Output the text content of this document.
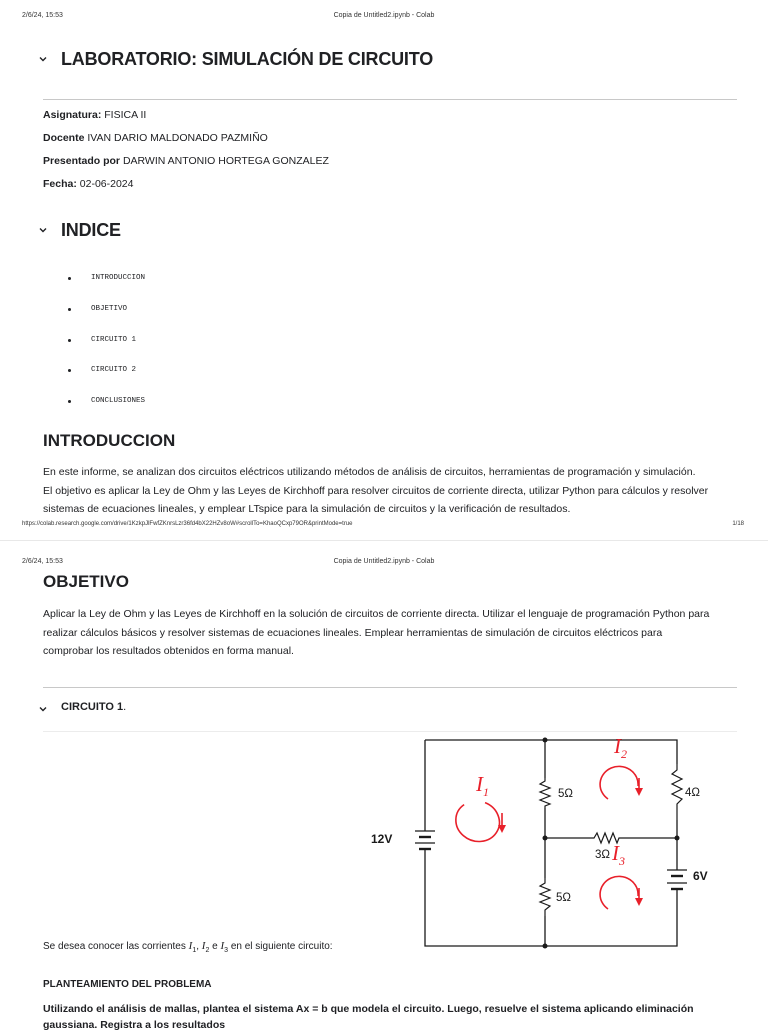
2/6/24, 15:53	Copia de Untitled2.ipynb - Colab
LABORATORIO: SIMULACIÓN DE CIRCUITO
Asignatura: FISICA II
Docente IVAN DARIO MALDONADO PAZMIÑO
Presentado por DARWIN ANTONIO HORTEGA GONZALEZ
Fecha: 02-06-2024
INDICE
INTRODUCCION
OBJETIVO
CIRCUITO 1
CIRCUITO 2
CONCLUSIONES
INTRODUCCION
En este informe, se analizan dos circuitos eléctricos utilizando métodos de análisis de circuitos, herramientas de programación y simulación.
El objetivo es aplicar la Ley de Ohm y las Leyes de Kirchhoff para resolver circuitos de corriente directa, utilizar Python para cálculos y resolver
sistemas de ecuaciones lineales, y emplear LTspice para la simulación de circuitos y la verificación de resultados.
https://colab.research.google.com/drive/1KzkpJlFwfZKnrsLzr36fd4bX22HZv8oW#scrollTo=KhaoQCxp79OR&printMode=true	1/18
2/6/24, 15:53	Copia de Untitled2.ipynb - Colab
OBJETIVO
Aplicar la Ley de Ohm y las Leyes de Kirchhoff en la solución de circuitos de corriente directa. Utilizar el lenguaje de programación Python para
realizar cálculos básicos y resolver sistemas de ecuaciones lineales. Emplear herramientas de simulación de circuitos eléctricos para
comprobar los resultados obtenidos en forma manual.
CIRCUITO 1.
12V
6V
5Ω	4Ω
3Ω
5Ω
$I_1$
$I_2$
$I_3$
Se desea conocer las corrientes $I_1$, $I_2$ e $I_3$ en el siguiente circuito:
PLANTEAMIENTO DEL PROBLEMA
Utilizando el análisis de mallas, plantea el sistema Ax = b que modela el circuito. Luego, resuelve el sistema aplicando eliminación
gaussiana. Registra a los resultados
